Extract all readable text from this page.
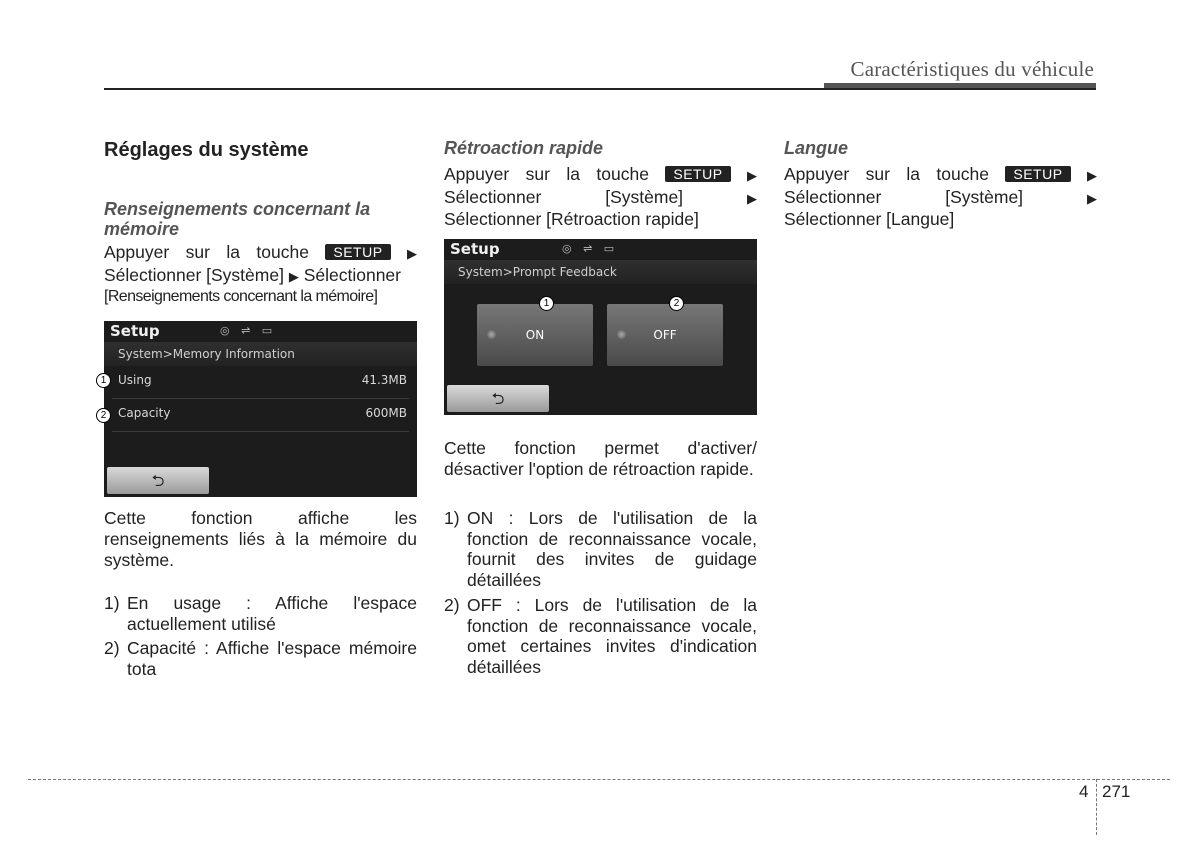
Caractéristiques du véhicule
Réglages du système
Renseignements concernant la mémoire

Appuyer sur la touche SETUP ▶

Sélectionner [Système] ▶ Sélectionner

[Renseignements concernant la mémoire]

Setup	◎ ⇌ ▭
System>Memory Information
Using	41.3MB
Capacity	600MB
⮌
1
2

Cette fonction affiche les renseignements liés à la mémoire du système.

1) En usage : Affiche l'espace actuellement utilisé
2) Capacité : Affiche l'espace mémoire tota
Rétroaction rapide

Appuyer sur la touche SETUP ▶

Sélectionner [Système]	▶

Sélectionner [Rétroaction rapide]

Setup	◎ ⇌ ▭
System>Prompt Feedback
ON	OFF
⮌
1	2

Cette fonction permet d'activer/ désactiver l'option de rétroaction rapide.

1) ON : Lors de l'utilisation de la fonction de reconnaissance vocale, fournit des invites de guidage détaillées
2) OFF : Lors de l'utilisation de la fonction de reconnaissance vocale, omet certaines invites d'indication détaillées
Langue

Appuyer sur la touche SETUP ▶

Sélectionner [Système]	▶

Sélectionner [Langue]

4 271
